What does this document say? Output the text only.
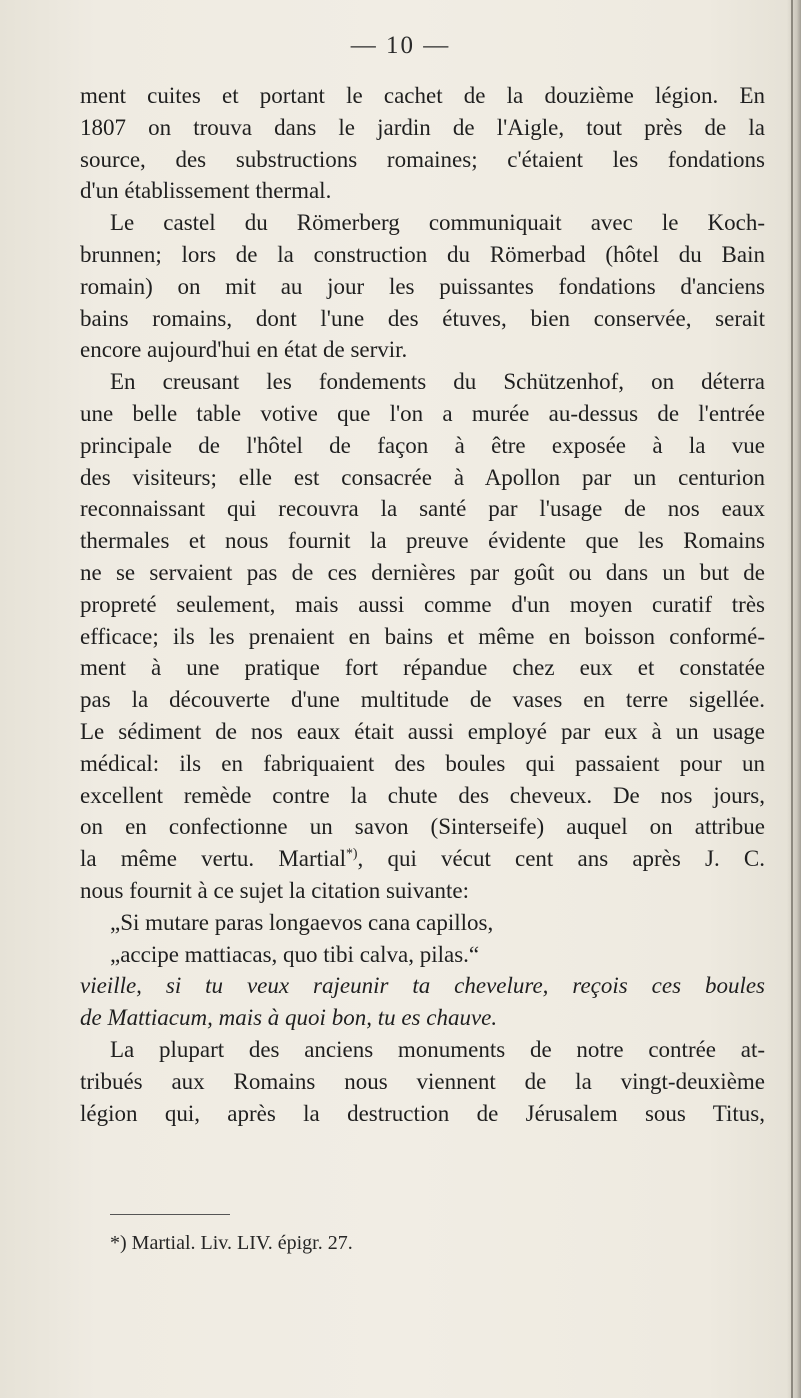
— 10 —
ment cuites et portant le cachet de la douzième légion. En
1807 on trouva dans le jardin de l'Aigle, tout près de la
source, des substructions romaines; c'étaient les fondations
d'un établissement thermal.
Le castel du Römerberg communiquait avec le Koch-
brunnen; lors de la construction du Römerbad (hôtel du Bain
romain) on mit au jour les puissantes fondations d'anciens
bains romains, dont l'une des étuves, bien conservée, serait
encore aujourd'hui en état de servir.
En creusant les fondements du Schützenhof, on déterra
une belle table votive que l'on a murée au-dessus de l'entrée
principale de l'hôtel de façon à être exposée à la vue
des visiteurs; elle est consacrée à Apollon par un centurion
reconnaissant qui recouvra la santé par l'usage de nos eaux
thermales et nous fournit la preuve évidente que les Romains
ne se servaient pas de ces dernières par goût ou dans un but de
propreté seulement, mais aussi comme d'un moyen curatif très
efficace; ils les prenaient en bains et même en boisson conformé-
ment à une pratique fort répandue chez eux et constatée
pas la découverte d'une multitude de vases en terre sigellée.
Le sédiment de nos eaux était aussi employé par eux à un usage
médical: ils en fabriquaient des boules qui passaient pour un
excellent remède contre la chute des cheveux. De nos jours,
on en confectionne un savon (Sinterseife) auquel on attribue
la même vertu. Martial*), qui vécut cent ans après J. C.
nous fournit à ce sujet la citation suivante:
„Si mutare paras longaevos cana capillos,
„accipe mattiacas, quo tibi calva, pilas.“
vieille, si tu veux rajeunir ta chevelure, reçois ces boules
de Mattiacum, mais à quoi bon, tu es chauve.
La plupart des anciens monuments de notre contrée at-
tribués aux Romains nous viennent de la vingt-deuxième
légion qui, après la destruction de Jérusalem sous Titus,
*) Martial. Liv. LIV. épigr. 27.
